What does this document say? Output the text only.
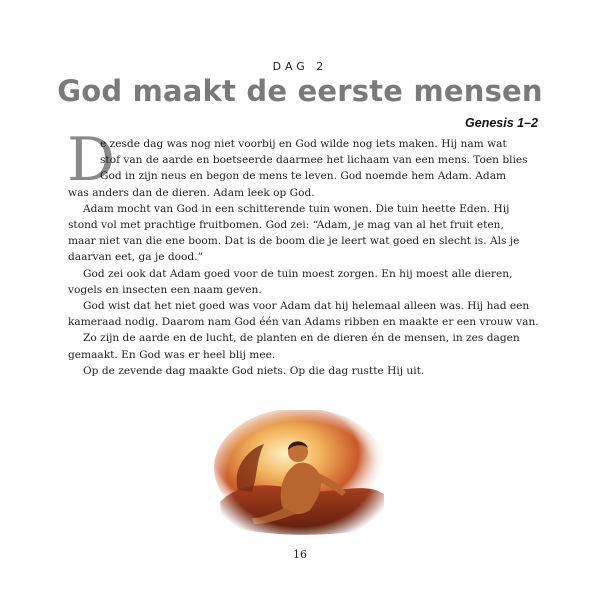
DAG 2
God maakt de eerste mensen
Genesis 1–2
D
e zesde dag was nog niet voorbij en God wilde nog iets maken. Hij nam wat
stof van de aarde en boetseerde daarmee het lichaam van een mens. Toen blies
God in zijn neus en begon de mens te leven. God noemde hem Adam. Adam
was anders dan de dieren. Adam leek op God.
Adam mocht van God in een schitterende tuin wonen. Die tuin heette Eden. Hij
stond vol met prachtige fruitbomen. God zei: “Adam, je mag van al het fruit eten,
maar niet van die ene boom. Dat is de boom die je leert wat goed en slecht is. Als je
daarvan eet, ga je dood.”
God zei ook dat Adam goed voor de tuin moest zorgen. En hij moest alle dieren,
vogels en insecten een naam geven.
God wist dat het niet goed was voor Adam dat hij helemaal alleen was. Hij had een
kameraad nodig. Daarom nam God één van Adams ribben en maakte er een vrouw van.
Zo zijn de aarde en de lucht, de planten en de dieren én de mensen, in zes dagen
gemaakt. En God was er heel blij mee.
Op de zevende dag maakte God niets. Op die dag rustte Hij uit.
16
